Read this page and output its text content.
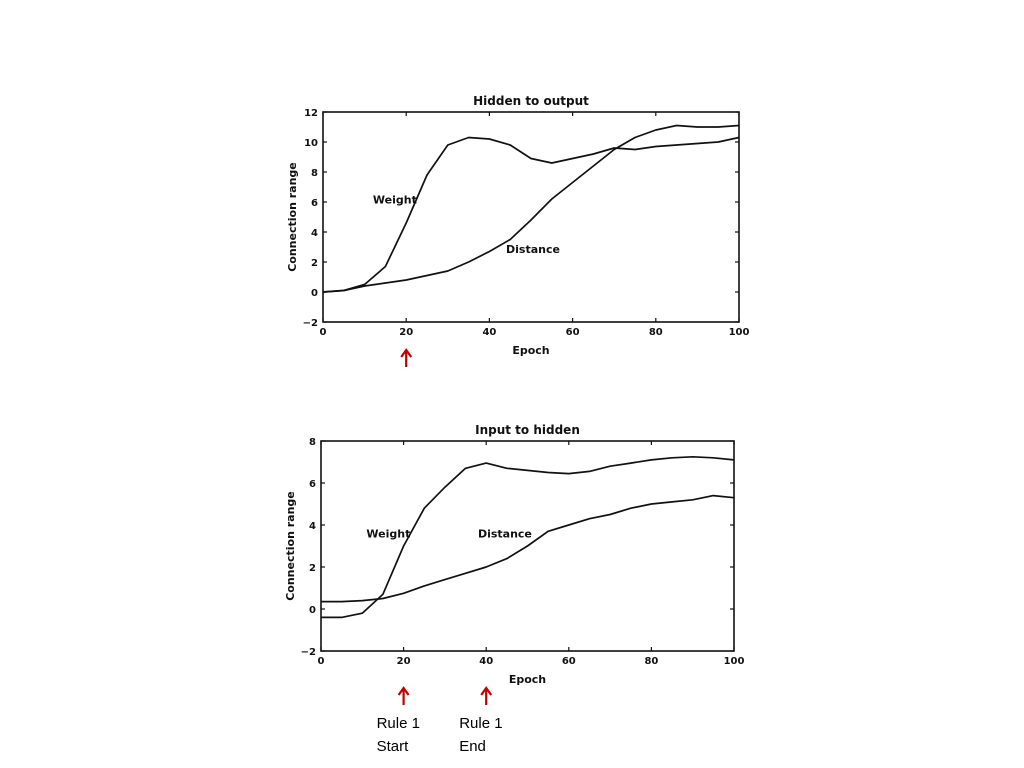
Hidden to output
0	20	40	60	80	100
−2
0
2
4
6
8
10
12
Epoch
Connection range	Weight
Distance
Input to hidden
0	20	40	60	80	100
−2
0
2
4
6
8
Epoch
Connection range	Weight	Distance
Rule 1
Start
Rule 1
End
